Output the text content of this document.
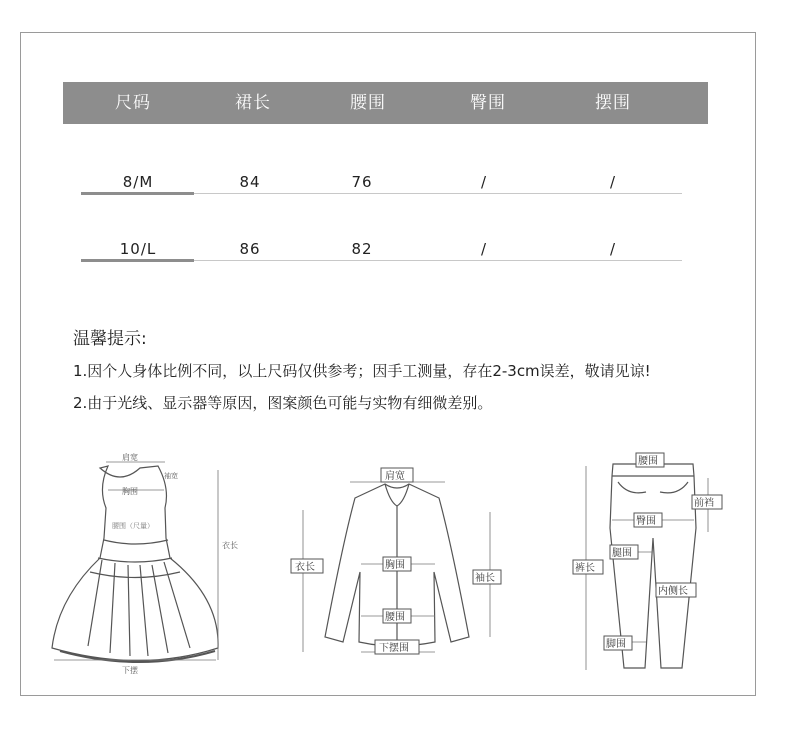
尺码	裙长	腰围	臀围	摆围
8/M	84	76	/	/
10/L	86	82	/	/
温馨提示:
1.因个人身体比例不同，以上尺码仅供参考；因手工测量，存在2-3cm误差，敬请见谅!
2.由于光线、显示器等原因，图案颜色可能与实物有细微差别。
肩宽
胸围
袖宽
腰围（尺量）
衣长
下摆
肩宽
衣长	胸围
袖长
腰围
下摆围
腰围
前裆
臀围
腿围
裤长
内侧长
脚围
